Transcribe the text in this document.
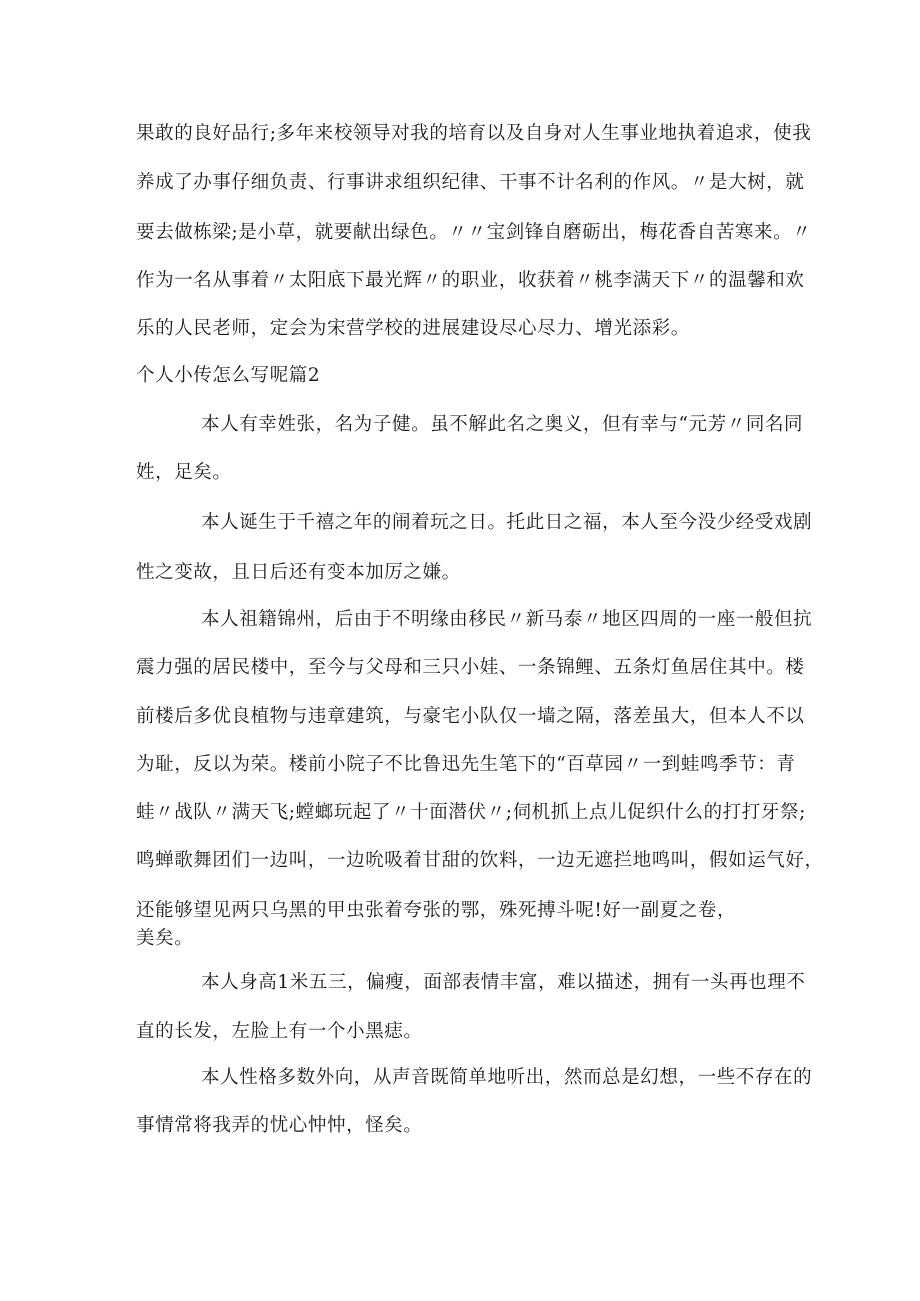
果敢的良好品行;多年来校领导对我的培育以及自身对人生事业地执着追求，使我
养成了办事仔细负责、行事讲求组织纪律、干事不计名利的作风。〃是大树，就
要去做栋梁;是小草，就要献出绿色。〃〃宝剑锋自磨砺出，梅花香自苦寒来。〃
作为一名从事着〃太阳底下最光辉〃的职业，收获着〃桃李满天下〃的温馨和欢
乐的人民老师，定会为宋营学校的进展建设尽心尽力、增光添彩。
个人小传怎么写呢篇2
本人有幸姓张，名为子健。虽不解此名之奥义，但有幸与“元芳〃同名同
姓，足矣。
本人诞生于千禧之年的闹着玩之日。托此日之福，本人至今没少经受戏剧
性之变故，且日后还有变本加厉之嫌。
本人祖籍锦州，后由于不明缘由移民〃新马泰〃地区四周的一座一般但抗
震力强的居民楼中，至今与父母和三只小娃、一条锦鲤、五条灯鱼居住其中。楼
前楼后多优良植物与违章建筑，与豪宅小队仅一墙之隔，落差虽大，但本人不以
为耻，反以为荣。楼前小院子不比鲁迅先生笔下的“百草园〃一到蛙鸣季节：青
蛙〃战队〃满天飞;螳螂玩起了〃十面潜伏〃;伺机抓上点儿促织什么的打打牙祭;
鸣蝉歌舞团们一边叫，一边吮吸着甘甜的饮料，一边无遮拦地鸣叫，假如运气好，
还能够望见两只乌黑的甲虫张着夸张的鄂，殊死搏斗呢!好一副夏之卷，
美矣。
本人身高1米五三，偏瘦，面部表情丰富，难以描述，拥有一头再也理不
直的长发，左脸上有一个小黑痣。
本人性格多数外向，从声音既简单地听出，然而总是幻想，一些不存在的
事情常将我弄的忧心忡忡，怪矣。
